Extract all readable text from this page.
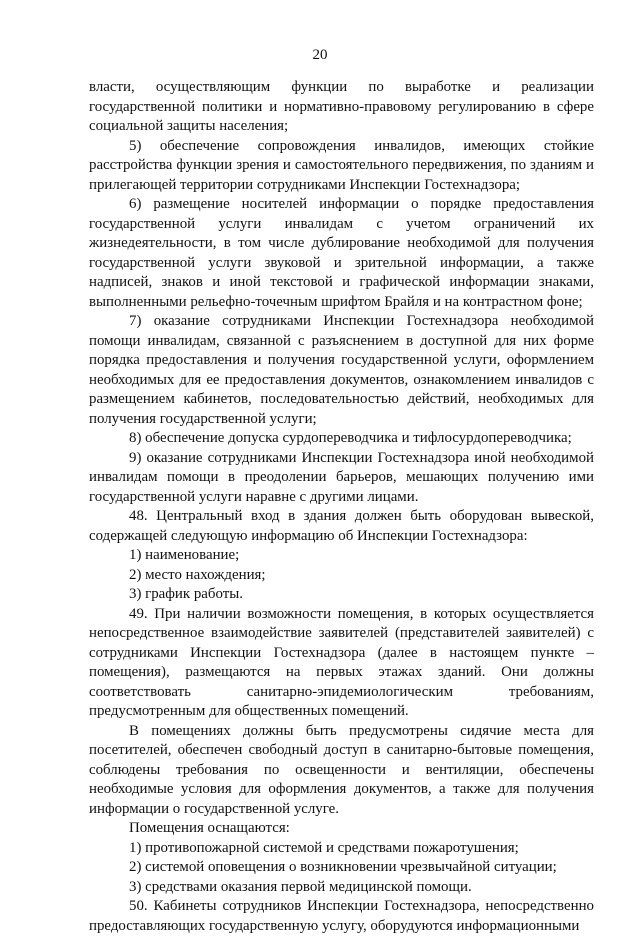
20

власти, осуществляющим функции по выработке и реализации государственной политики и нормативно-правовому регулированию в сфере социальной защиты населения;

5) обеспечение сопровождения инвалидов, имеющих стойкие расстройства функции зрения и самостоятельного передвижения, по зданиям и прилегающей территории сотрудниками Инспекции Гостехнадзора;

6) размещение носителей информации о порядке предоставления государственной услуги инвалидам с учетом ограничений их жизнедеятельности, в том числе дублирование необходимой для получения государственной услуги звуковой и зрительной информации, а также надписей, знаков и иной текстовой и графической информации знаками, выполненными рельефно-точечным шрифтом Брайля и на контрастном фоне;

7) оказание сотрудниками Инспекции Гостехнадзора необходимой помощи инвалидам, связанной с разъяснением в доступной для них форме порядка предоставления и получения государственной услуги, оформлением необходимых для ее предоставления документов, ознакомлением инвалидов с размещением кабинетов, последовательностью действий, необходимых для получения государственной услуги;

8) обеспечение допуска сурдопереводчика и тифлосурдопереводчика;

9) оказание сотрудниками Инспекции Гостехнадзора иной необходимой инвалидам помощи в преодолении барьеров, мешающих получению ими государственной услуги наравне с другими лицами.

48. Центральный вход в здания должен быть оборудован вывеской, содержащей следующую информацию об Инспекции Гостехнадзора:

1) наименование;

2) место нахождения;

3) график работы.

49. При наличии возможности помещения, в которых осуществляется непосредственное взаимодействие заявителей (представителей заявителей) с сотрудниками Инспекции Гостехнадзора (далее в настоящем пункте – помещения), размещаются на первых этажах зданий. Они должны соответствовать санитарно-эпидемиологическим требованиям, предусмотренным для общественных помещений.

В помещениях должны быть предусмотрены сидячие места для посетителей, обеспечен свободный доступ в санитарно-бытовые помещения, соблюдены требования по освещенности и вентиляции, обеспечены необходимые условия для оформления документов, а также для получения информации о государственной услуге.

Помещения оснащаются:

1) противопожарной системой и средствами пожаротушения;

2) системой оповещения о возникновении чрезвычайной ситуации;

3) средствами оказания первой медицинской помощи.

50. Кабинеты сотрудников Инспекции Гостехнадзора, непосредственно предоставляющих государственную услугу, оборудуются информационными
